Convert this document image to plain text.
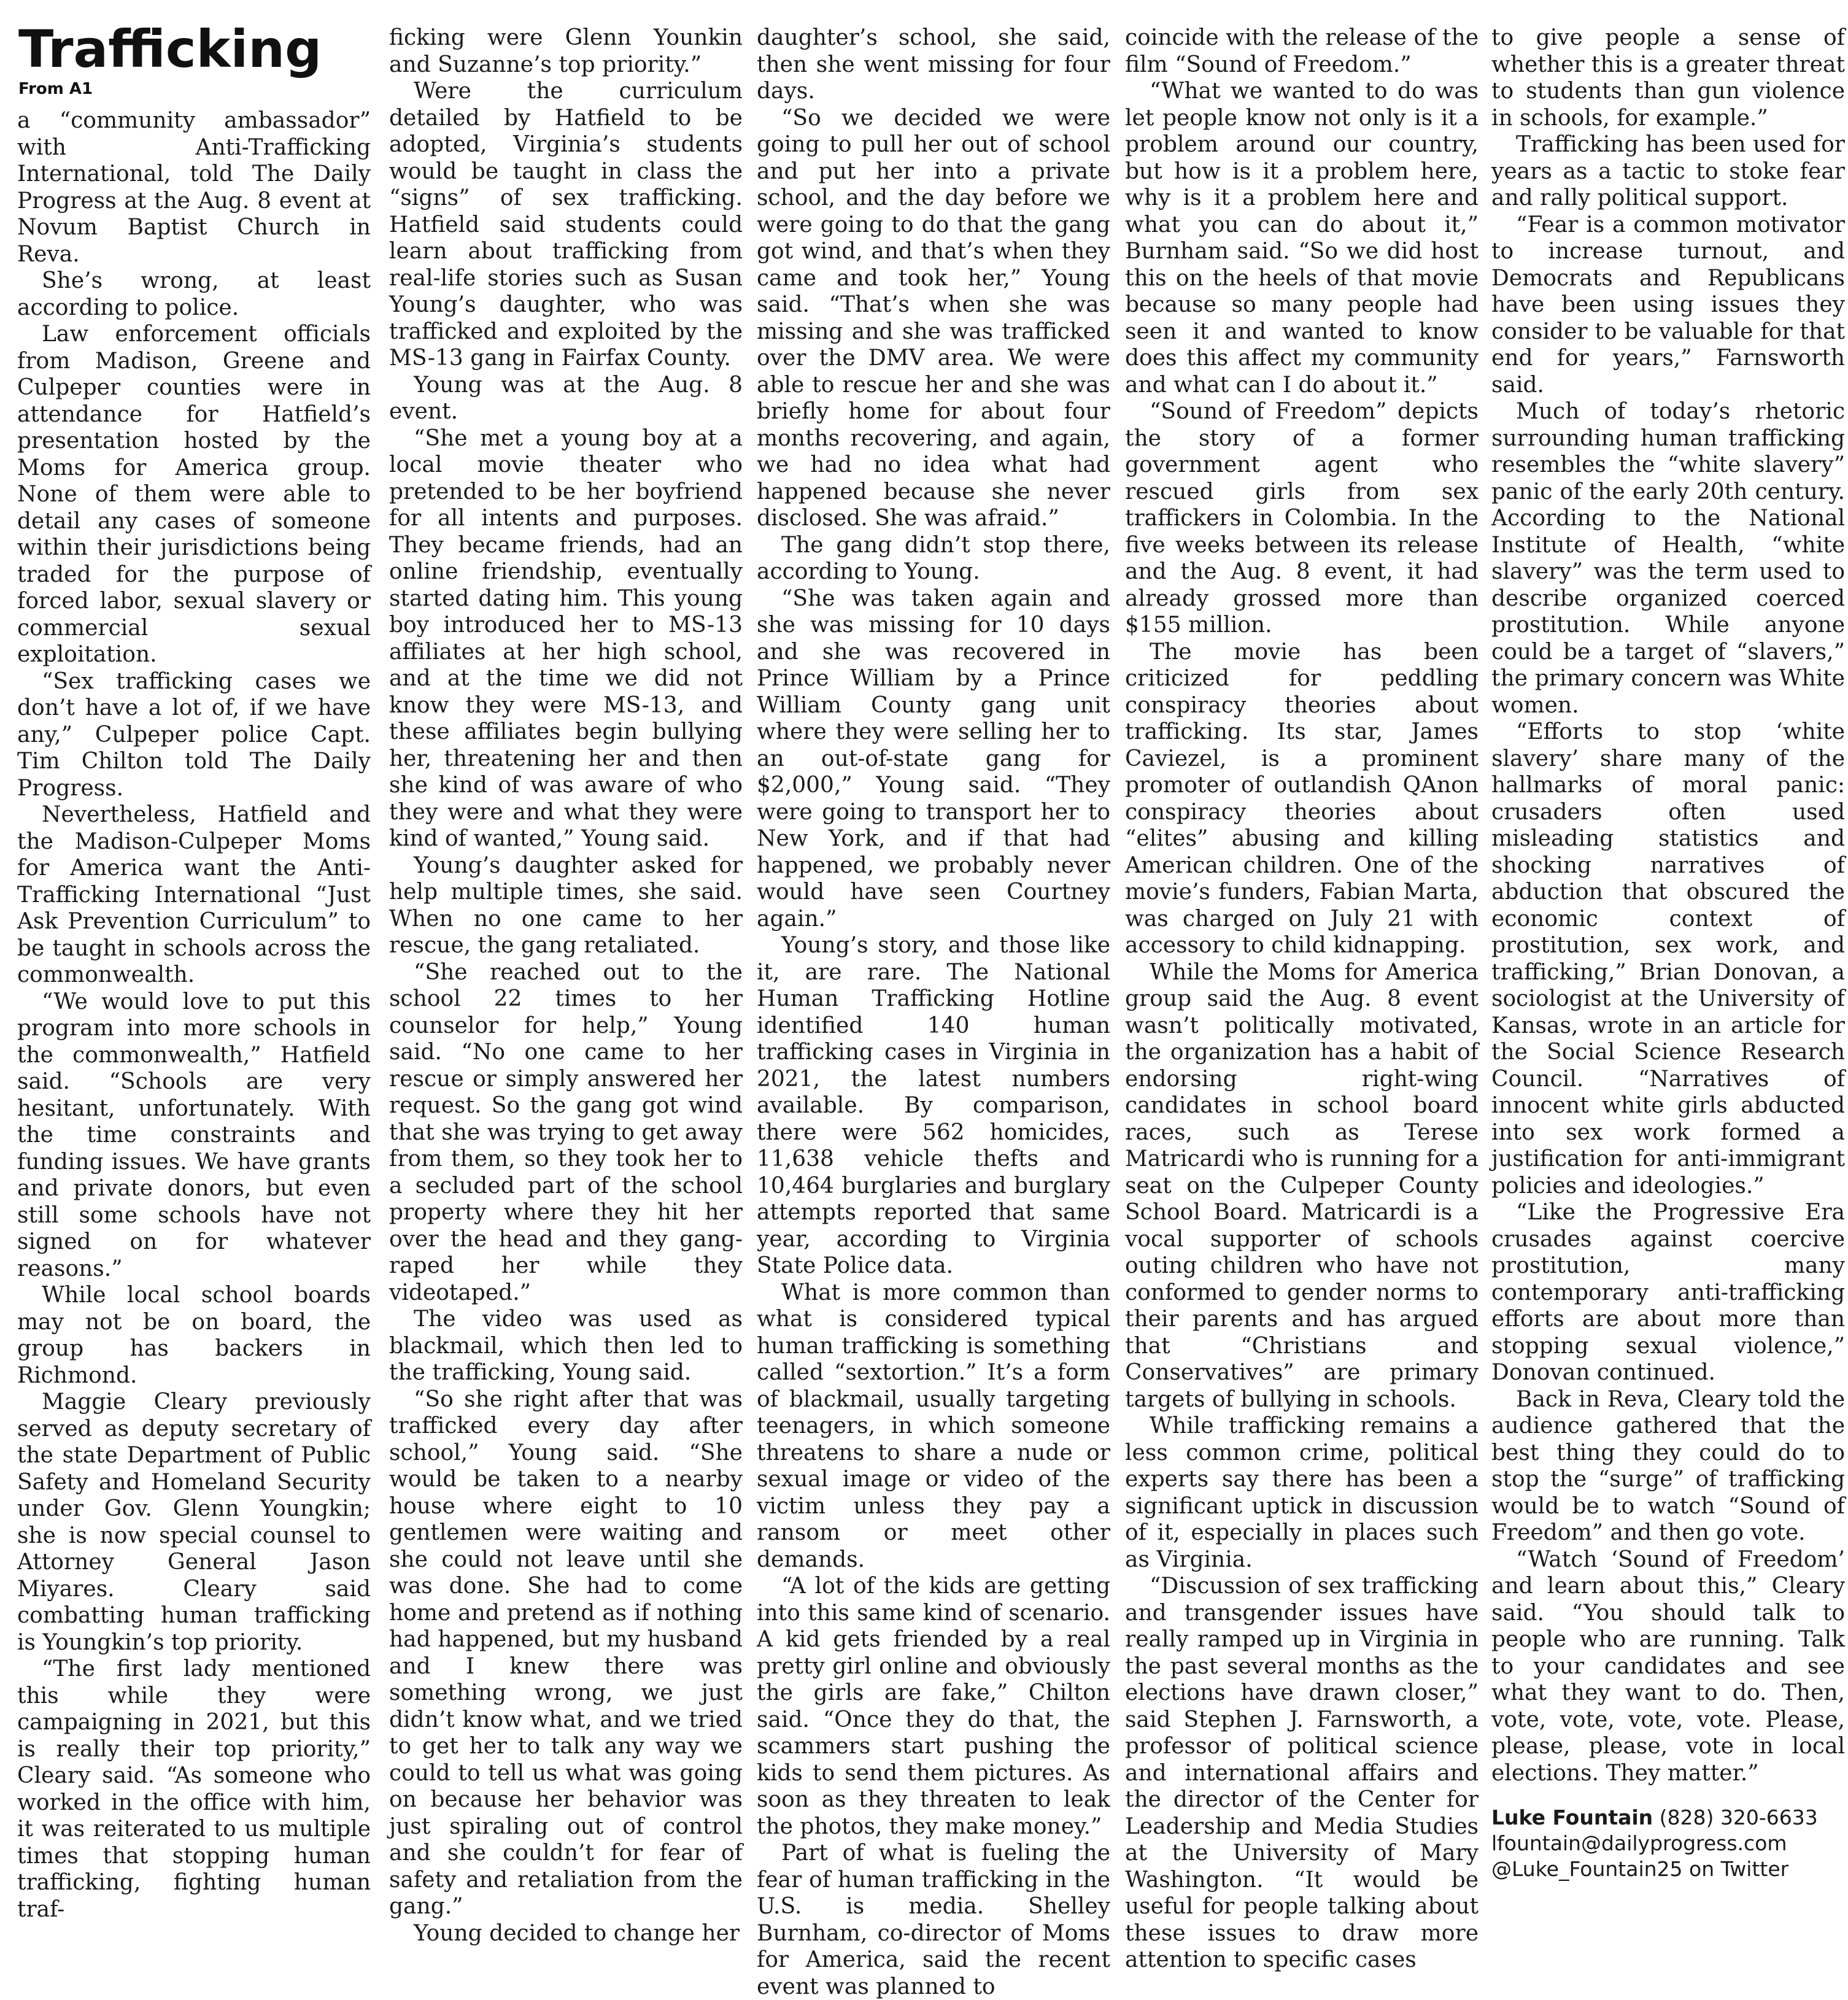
Trafficking
From A1

a “community ambassador” with Anti-Trafficking International, told The Daily Progress at the Aug. 8 event at Novum Baptist Church in Reva.

She’s wrong, at least according to police.

Law enforcement officials from Madison, Greene and Culpeper counties were in attendance for Hatfield’s presentation hosted by the Moms for America group. None of them were able to detail any cases of someone within their jurisdictions being traded for the purpose of forced labor, sexual slavery or commercial sexual exploitation.

“Sex trafficking cases we don’t have a lot of, if we have any,” Culpeper police Capt. Tim Chilton told The Daily Progress.

Nevertheless, Hatfield and the Madison-Culpeper Moms for America want the Anti-Trafficking International “Just Ask Prevention Curriculum” to be taught in schools across the commonwealth.

“We would love to put this program into more schools in the commonwealth,” Hatfield said. “Schools are very hesitant, unfortunately. With the time constraints and funding issues. We have grants and private donors, but even still some schools have not signed on for whatever reasons.”

While local school boards may not be on board, the group has backers in Richmond.

Maggie Cleary previously served as deputy secretary of the state Department of Public Safety and Homeland Security under Gov. Glenn Youngkin; she is now special counsel to Attorney General Jason Miyares. Cleary said combatting human trafficking is Youngkin’s top priority.

“The first lady mentioned this while they were campaigning in 2021, but this is really their top priority,” Cleary said. “As someone who worked in the office with him, it was reiterated to us multiple times that stopping human trafficking, fighting human traf-

ficking were Glenn Younkin and Suzanne’s top priority.”

Were the curriculum detailed by Hatfield to be adopted, Virginia’s students would be taught in class the “signs” of sex trafficking. Hatfield said students could learn about trafficking from real-life stories such as Susan Young’s daughter, who was trafficked and exploited by the MS-13 gang in Fairfax County.

Young was at the Aug. 8 event.

“She met a young boy at a local movie theater who pretended to be her boyfriend for all intents and purposes. They became friends, had an online friendship, eventually started dating him. This young boy introduced her to MS-13 affiliates at her high school, and at the time we did not know they were MS-13, and these affiliates begin bullying her, threatening her and then she kind of was aware of who they were and what they were kind of wanted,” Young said.

Young’s daughter asked for help multiple times, she said. When no one came to her rescue, the gang retaliated.

“She reached out to the school 22 times to her counselor for help,” Young said. “No one came to her rescue or simply answered her request. So the gang got wind that she was trying to get away from them, so they took her to a secluded part of the school property where they hit her over the head and they gang-raped her while they videotaped.”

The video was used as blackmail, which then led to the trafficking, Young said.

“So she right after that was trafficked every day after school,” Young said. “She would be taken to a nearby house where eight to 10 gentlemen were waiting and she could not leave until she was done. She had to come home and pretend as if nothing had happened, but my husband and I knew there was something wrong, we just didn’t know what, and we tried to get her to talk any way we could to tell us what was going on because her behavior was just spiraling out of control and she couldn’t for fear of safety and retaliation from the gang.”

Young decided to change her

daughter’s school, she said, then she went missing for four days.

“So we decided we were going to pull her out of school and put her into a private school, and the day before we were going to do that the gang got wind, and that’s when they came and took her,” Young said. “That’s when she was missing and she was trafficked over the DMV area. We were able to rescue her and she was briefly home for about four months recovering, and again, we had no idea what had happened because she never disclosed. She was afraid.”

The gang didn’t stop there, according to Young.

“She was taken again and she was missing for 10 days and she was recovered in Prince William by a Prince William County gang unit where they were selling her to an out-of-state gang for $2,000,” Young said. “They were going to transport her to New York, and if that had happened, we probably never would have seen Courtney again.”

Young’s story, and those like it, are rare. The National Human Trafficking Hotline identified 140 human trafficking cases in Virginia in 2021, the latest numbers available. By comparison, there were 562 homicides, 11,638 vehicle thefts and 10,464 burglaries and burglary attempts reported that same year, according to Virginia State Police data.

What is more common than what is considered typical human trafficking is something called “sextortion.” It’s a form of blackmail, usually targeting teenagers, in which someone threatens to share a nude or sexual image or video of the victim unless they pay a ransom or meet other demands.

“A lot of the kids are getting into this same kind of scenario. A kid gets friended by a real pretty girl online and obviously the girls are fake,” Chilton said. “Once they do that, the scammers start pushing the kids to send them pictures. As soon as they threaten to leak the photos, they make money.”

Part of what is fueling the fear of human trafficking in the U.S. is media. Shelley Burnham, co-director of Moms for America, said the recent event was planned to

coincide with the release of the film “Sound of Freedom.”

“What we wanted to do was let people know not only is it a problem around our country, but how is it a problem here, why is it a problem here and what you can do about it,” Burnham said. “So we did host this on the heels of that movie because so many people had seen it and wanted to know does this affect my community and what can I do about it.”

“Sound of Freedom” depicts the story of a former government agent who rescued girls from sex traffickers in Colombia. In the five weeks between its release and the Aug. 8 event, it had already grossed more than $155 million.

The movie has been criticized for peddling conspiracy theories about trafficking. Its star, James Caviezel, is a prominent promoter of outlandish QAnon conspiracy theories about “elites” abusing and killing American children. One of the movie’s funders, Fabian Marta, was charged on July 21 with accessory to child kidnapping.

While the Moms for America group said the Aug. 8 event wasn’t politically motivated, the organization has a habit of endorsing right-wing candidates in school board races, such as Terese Matricardi who is running for a seat on the Culpeper County School Board. Matricardi is a vocal supporter of schools outing children who have not conformed to gender norms to their parents and has argued that “Christians and Conservatives” are primary targets of bullying in schools.

While trafficking remains a less common crime, political experts say there has been a significant uptick in discussion of it, especially in places such as Virginia.

“Discussion of sex trafficking and transgender issues have really ramped up in Virginia in the past several months as the elections have drawn closer,” said Stephen J. Farnsworth, a professor of political science and international affairs and the director of the Center for Leadership and Media Studies at the University of Mary Washington. “It would be useful for people talking about these issues to draw more attention to specific cases

to give people a sense of whether this is a greater threat to students than gun violence in schools, for example.”

Trafficking has been used for years as a tactic to stoke fear and rally political support.

“Fear is a common motivator to increase turnout, and Democrats and Republicans have been using issues they consider to be valuable for that end for years,” Farnsworth said.

Much of today’s rhetoric surrounding human trafficking resembles the “white slavery” panic of the early 20th century. According to the National Institute of Health, “white slavery” was the term used to describe organized coerced prostitution. While anyone could be a target of “slavers,” the primary concern was White women.

“Efforts to stop ‘white slavery’ share many of the hallmarks of moral panic: crusaders often used misleading statistics and shocking narratives of abduction that obscured the economic context of prostitution, sex work, and trafficking,” Brian Donovan, a sociologist at the University of Kansas, wrote in an article for the Social Science Research Council. “Narratives of innocent white girls abducted into sex work formed a justification for anti-immigrant policies and ideologies.”

“Like the Progressive Era crusades against coercive prostitution, many contemporary anti-trafficking efforts are about more than stopping sexual violence,” Donovan continued.

Back in Reva, Cleary told the audience gathered that the best thing they could do to stop the “surge” of trafficking would be to watch “Sound of Freedom” and then go vote.

“Watch ‘Sound of Freedom’ and learn about this,” Cleary said. “You should talk to people who are running. Talk to your candidates and see what they want to do. Then, vote, vote, vote, vote. Please, please, please, vote in local elections. They matter.”

Luke Fountain (828) 320-6633
lfountain@dailyprogress.com
@Luke_Fountain25 on Twitter
